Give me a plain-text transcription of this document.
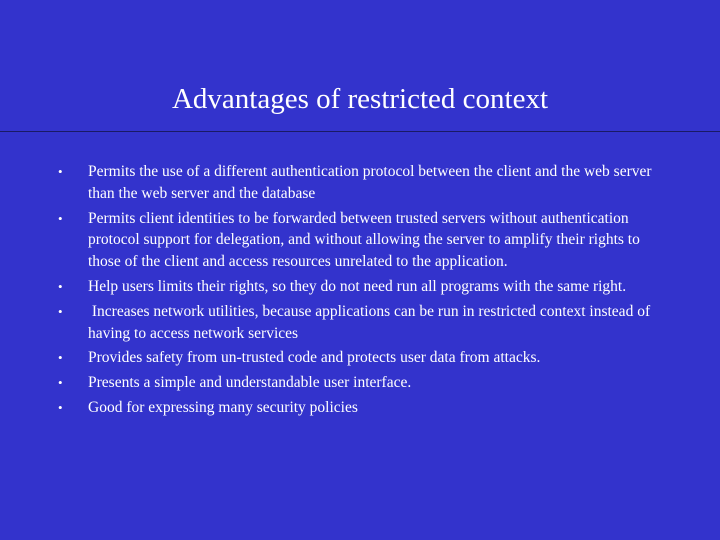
Advantages of restricted context
• Permits the use of a different authentication protocol between the client and the web server than the web server and the database
• Permits client identities to be forwarded between trusted servers without authentication protocol support for delegation, and without allowing the server to amplify their rights to those of the client and access resources unrelated to the application.
• Help users limits their rights, so they do not need run all programs with the same right.
• Increases network utilities, because applications can be run in restricted context instead of having to access network services
• Provides safety from un-trusted code and protects user data from attacks.
• Presents a simple and understandable user interface.
• Good for expressing many security policies
